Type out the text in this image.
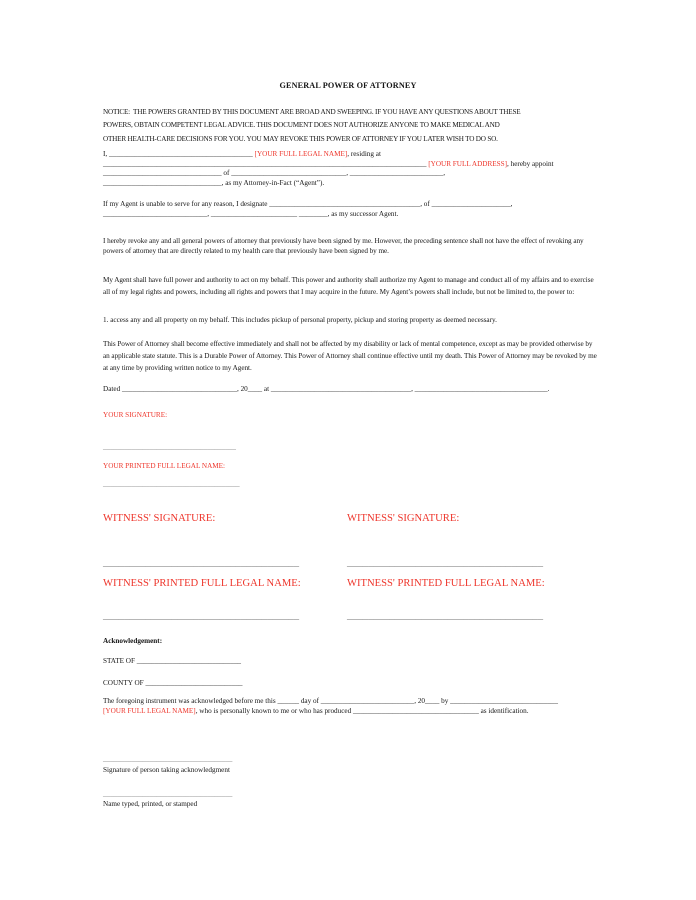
GENERAL POWER OF ATTORNEY
NOTICE:  THE POWERS GRANTED BY THIS DOCUMENT ARE BROAD AND SWEEPING. IF YOU HAVE ANY QUESTIONS ABOUT THESE
POWERS, OBTAIN COMPETENT LEGAL ADVICE. THIS DOCUMENT DOES NOT AUTHORIZE ANYONE TO MAKE MEDICAL AND
OTHER HEALTH-CARE DECISIONS FOR YOU. YOU MAY REVOKE THIS POWER OF ATTORNEY IF YOU LATER WISH TO DO SO.
I, ________________________________________ [YOUR FULL LEGAL NAME], residing at
__________________________________________________________________________________________ [YOUR FULL ADDRESS], hereby appoint
_________________________________ of ________________________________, __________________________,
_________________________________, as my Attorney-in-Fact (“Agent”).
If my Agent is unable to serve for any reason, I designate __________________________________________, of ______________________,
_____________________________, ________________________ ________, as my successor Agent.
I hereby revoke any and all general powers of attorney that previously have been signed by me. However, the preceding sentence shall not have the effect of revoking any powers of attorney that are directly related to my health care that previously have been signed by me.
My Agent shall have full power and authority to act on my behalf. This power and authority shall authorize my Agent to manage and conduct all of my affairs and to exercise all of my legal rights and powers, including all rights and powers that I may acquire in the future. My Agent’s powers shall include, but not be limited to, the power to:
1. access any and all property on my behalf. This includes pickup of personal property, pickup and storing property as deemed necessary.
This Power of Attorney shall become effective immediately and shall not be affected by my disability or lack of mental competence, except as may be provided otherwise by an applicable state statute. This is a Durable Power of Attorney. This Power of Attorney shall continue effective until my death. This Power of Attorney may be revoked by me at any time by providing written notice to my Agent.
Dated ________________________________, 20____ at _______________________________________, _____________________________________.
YOUR SIGNATURE:
_____________________________________
YOUR PRINTED FULL LEGAL NAME:
______________________________________
WITNESS' SIGNATURE:	WITNESS' SIGNATURE:
_____________________________________	_____________________________________
WITNESS' PRINTED FULL LEGAL NAME:	WITNESS' PRINTED FULL LEGAL NAME:
_____________________________________	_____________________________________
Acknowledgement:
STATE OF _____________________________
COUNTY OF ___________________________
The foregoing instrument was acknowledged before me this ______ day of __________________________, 20____ by ______________________________
[YOUR FULL LEGAL NAME], who is personally known to me or who has produced ___________________________________ as identification.
____________________________________
Signature of person taking acknowledgment
____________________________________
Name typed, printed, or stamped
